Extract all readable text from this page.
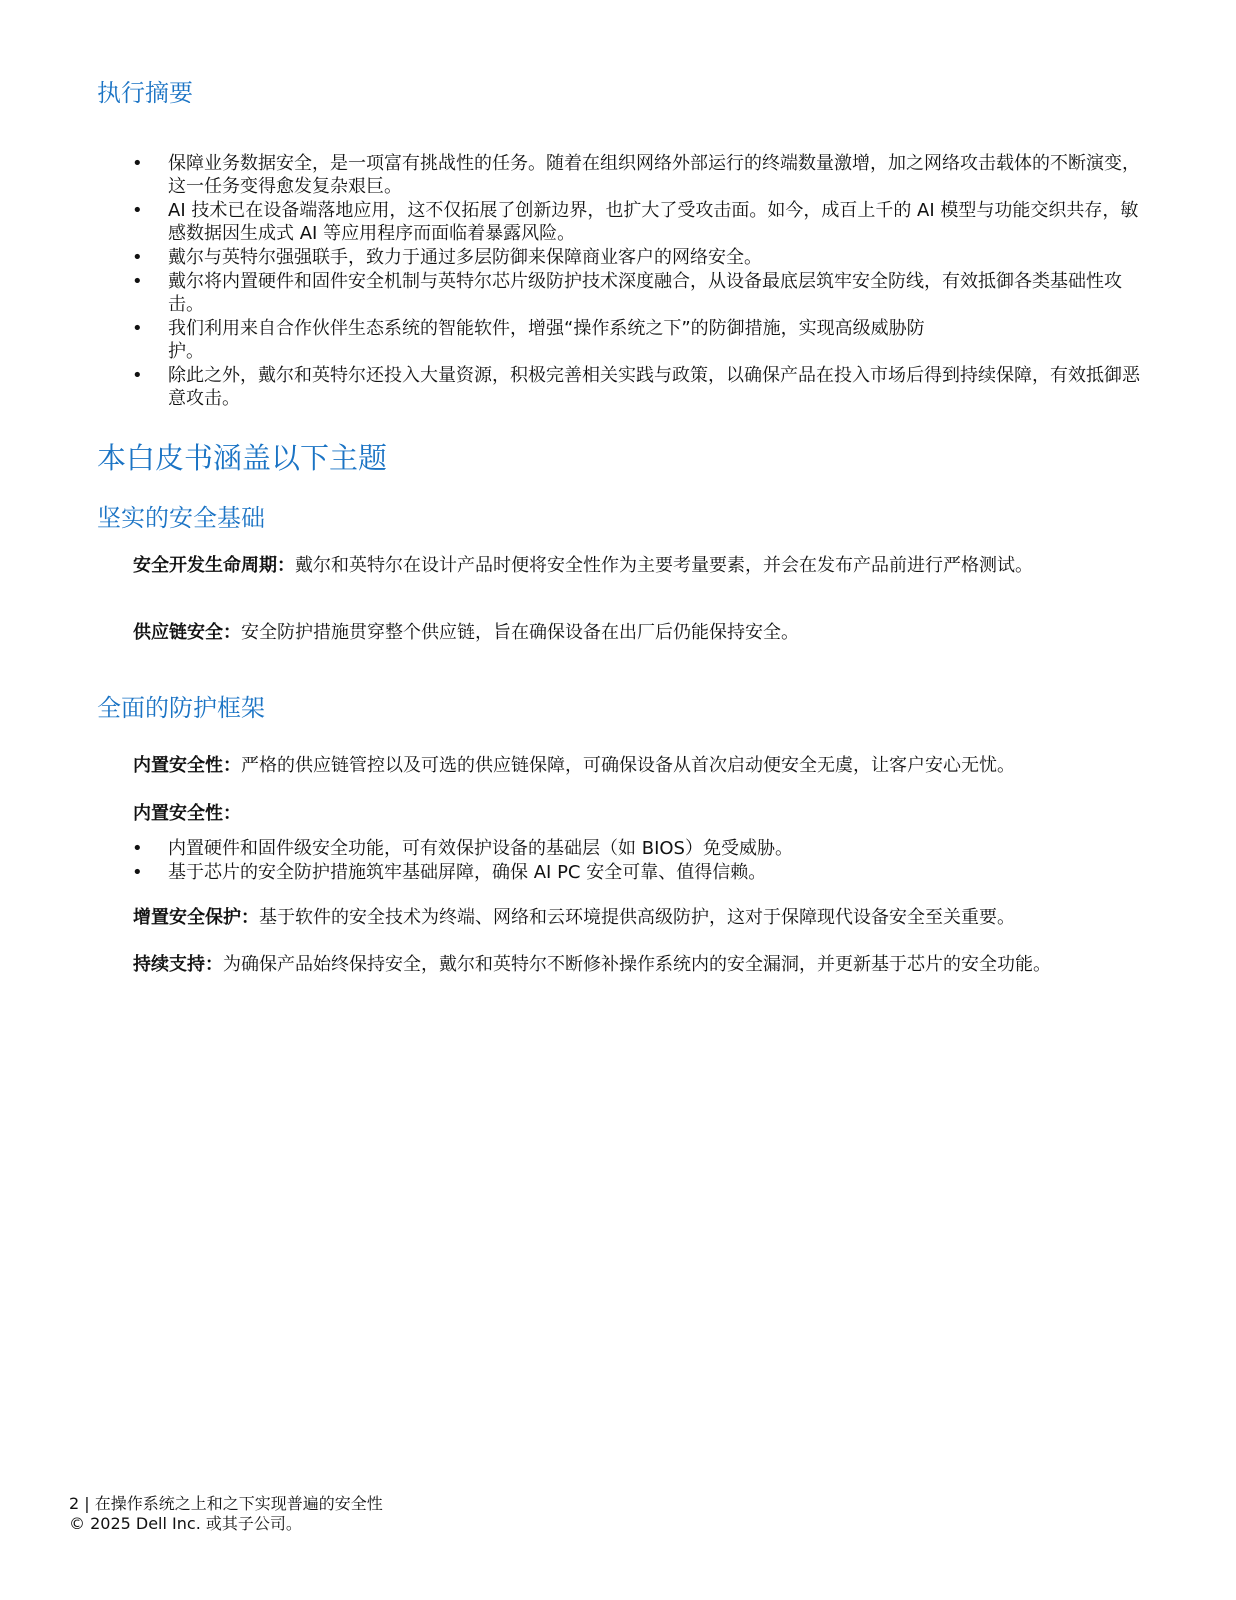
执行摘要
• 保障业务数据安全，是一项富有挑战性的任务。随着在组织网络外部运行的终端数量激增，加之网络攻击载体的不断演变，这一任务变得愈发复杂艰巨。
• AI 技术已在设备端落地应用，这不仅拓展了创新边界，也扩大了受攻击面。如今，成百上千的 AI 模型与功能交织共存，敏感数据因生成式 AI 等应用程序而面临着暴露风险。
• 戴尔与英特尔强强联手，致力于通过多层防御来保障商业客户的网络安全。
• 戴尔将内置硬件和固件安全机制与英特尔芯片级防护技术深度融合，从设备最底层筑牢安全防线，有效抵御各类基础性攻击。
• 我们利用来自合作伙伴生态系统的智能软件，增强“操作系统之下”的防御措施，实现高级威胁防护。
• 除此之外，戴尔和英特尔还投入大量资源，积极完善相关实践与政策，以确保产品在投入市场后得到持续保障，有效抵御恶意攻击。
本白皮书涵盖以下主题
坚实的安全基础

安全开发生命周期：戴尔和英特尔在设计产品时便将安全性作为主要考量要素，并会在发布产品前进行严格测试。

供应链安全：安全防护措施贯穿整个供应链，旨在确保设备在出厂后仍能保持安全。

全面的防护框架

内置安全性：严格的供应链管控以及可选的供应链保障，可确保设备从首次启动便安全无虞，让客户安心无忧。

内置安全性：

• 内置硬件和固件级安全功能，可有效保护设备的基础层（如 BIOS）免受威胁。
• 基于芯片的安全防护措施筑牢基础屏障，确保 AI PC 安全可靠、值得信赖。

增置安全保护：基于软件的安全技术为终端、网络和云环境提供高级防护，这对于保障现代设备安全至关重要。

持续支持：为确保产品始终保持安全，戴尔和英特尔不断修补操作系统内的安全漏洞，并更新基于芯片的安全功能。

2 | 在操作系统之上和之下实现普遍的安全性
© 2025 Dell Inc. 或其子公司。
